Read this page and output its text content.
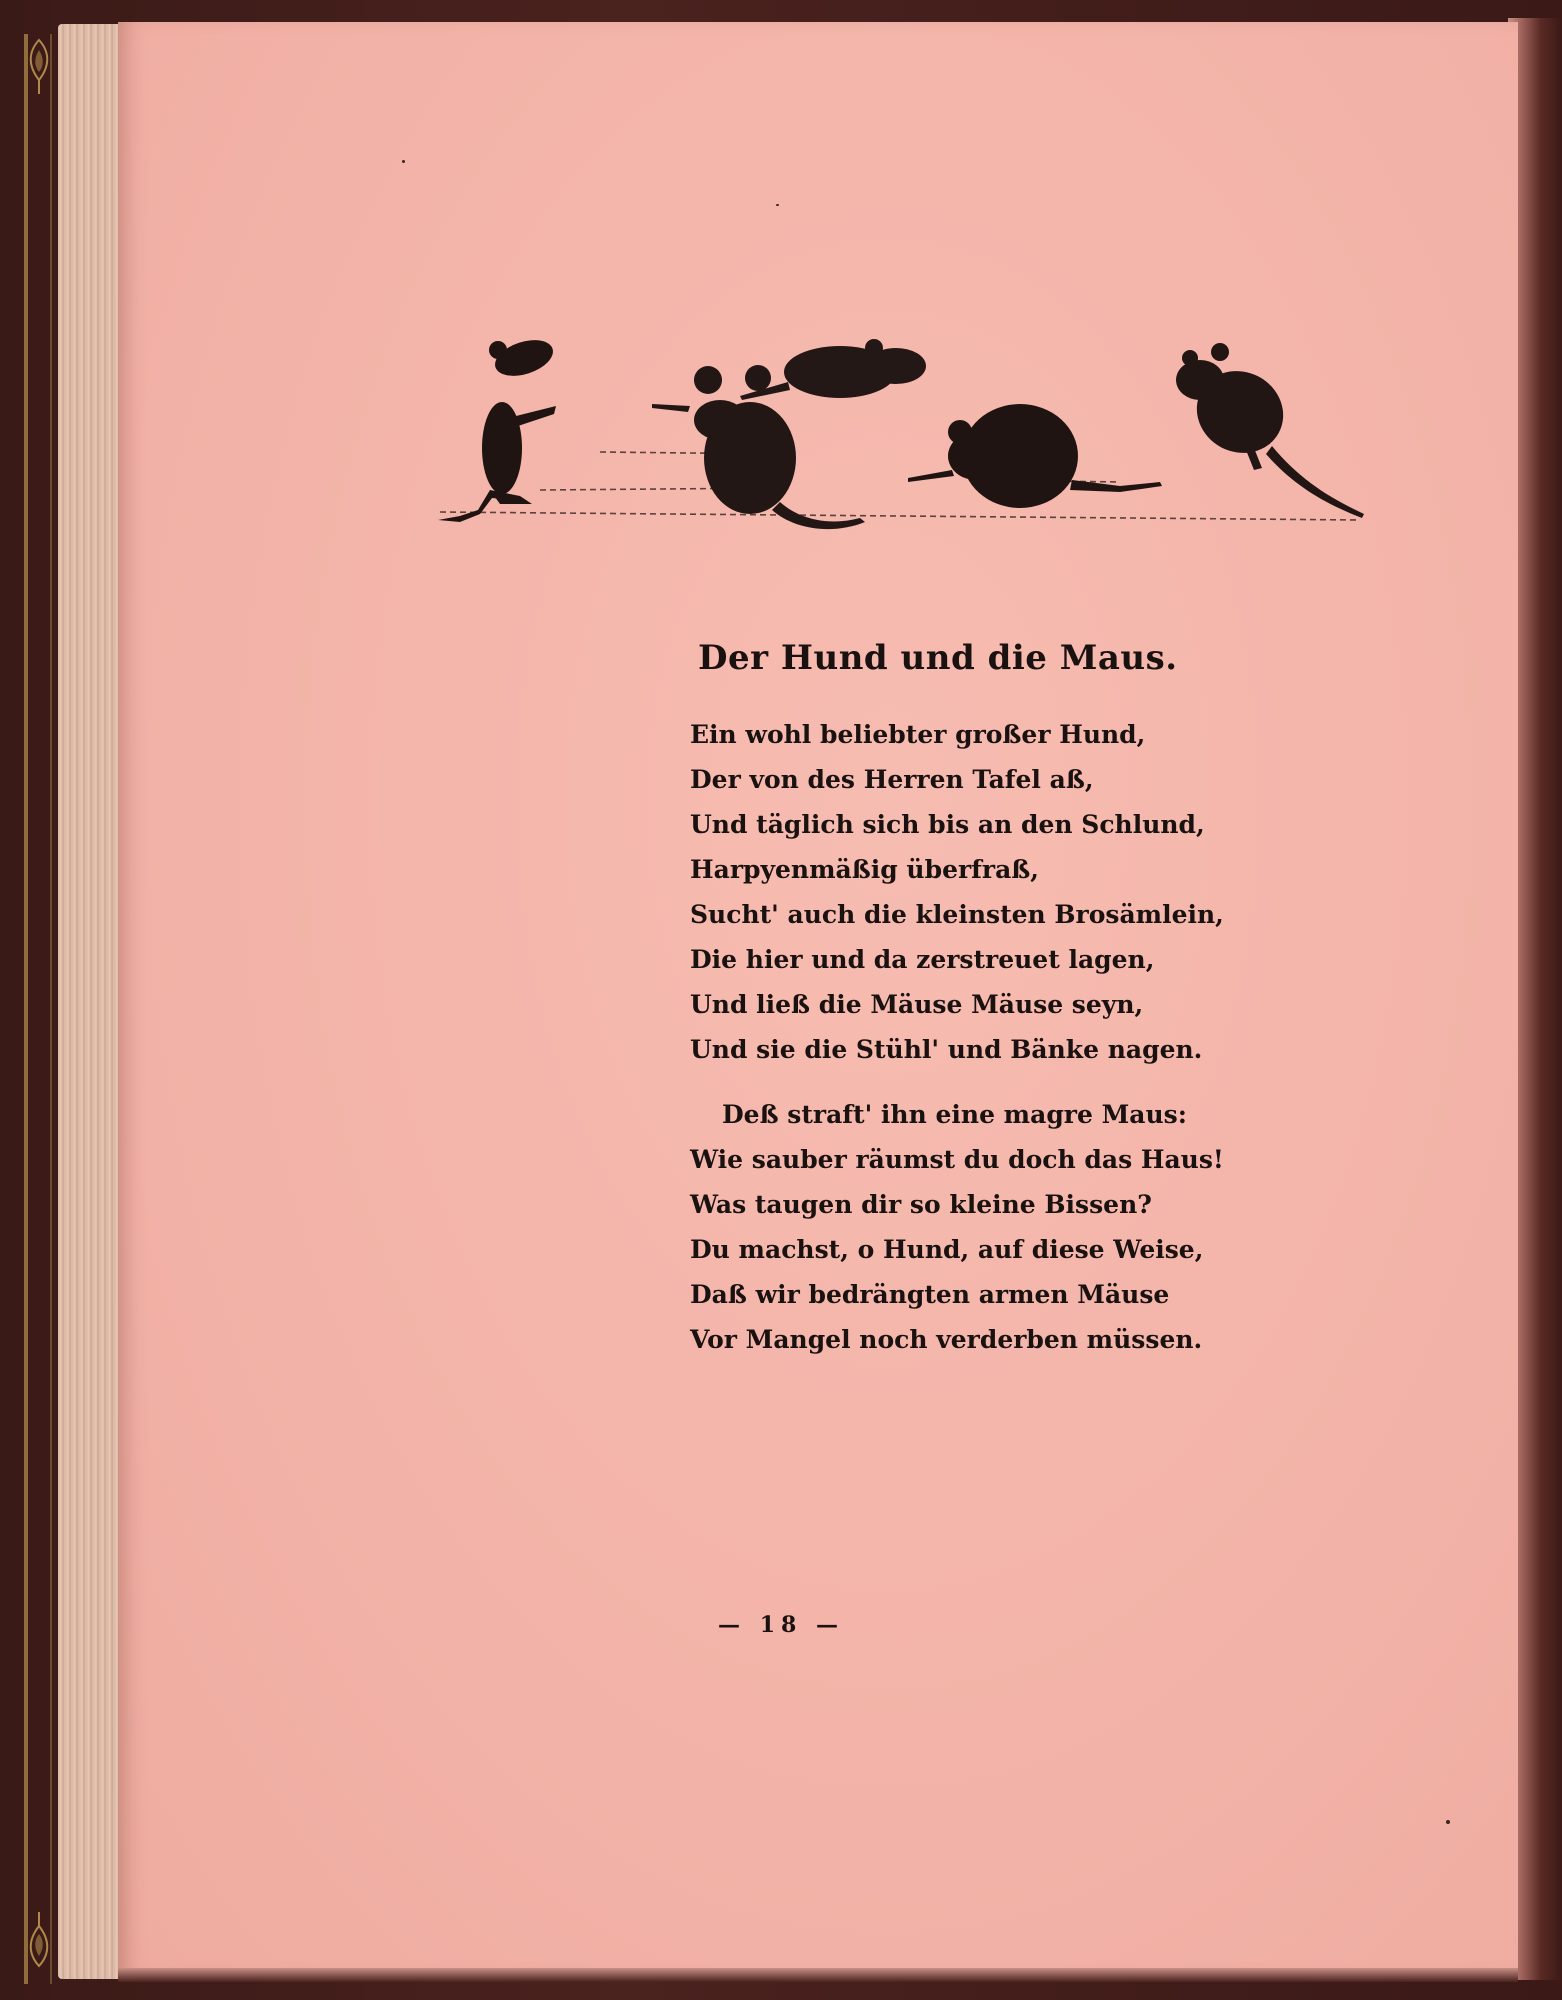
Der Hund und die Maus.
Ein wohl beliebter großer Hund,
Der von des Herren Tafel aß,
Und täglich sich bis an den Schlund,
Harpyenmäßig überfraß,
Sucht' auch die kleinsten Brosämlein,
Die hier und da zerstreuet lagen,
Und ließ die Mäuse Mäuse seyn,
Und sie die Stühl' und Bänke nagen.
Deß straft' ihn eine magre Maus:
Wie sauber räumst du doch das Haus!
Was taugen dir so kleine Bissen?
Du machst, o Hund, auf diese Weise,
Daß wir bedrängten armen Mäuse
Vor Mangel noch verderben müssen.
— 18 —
